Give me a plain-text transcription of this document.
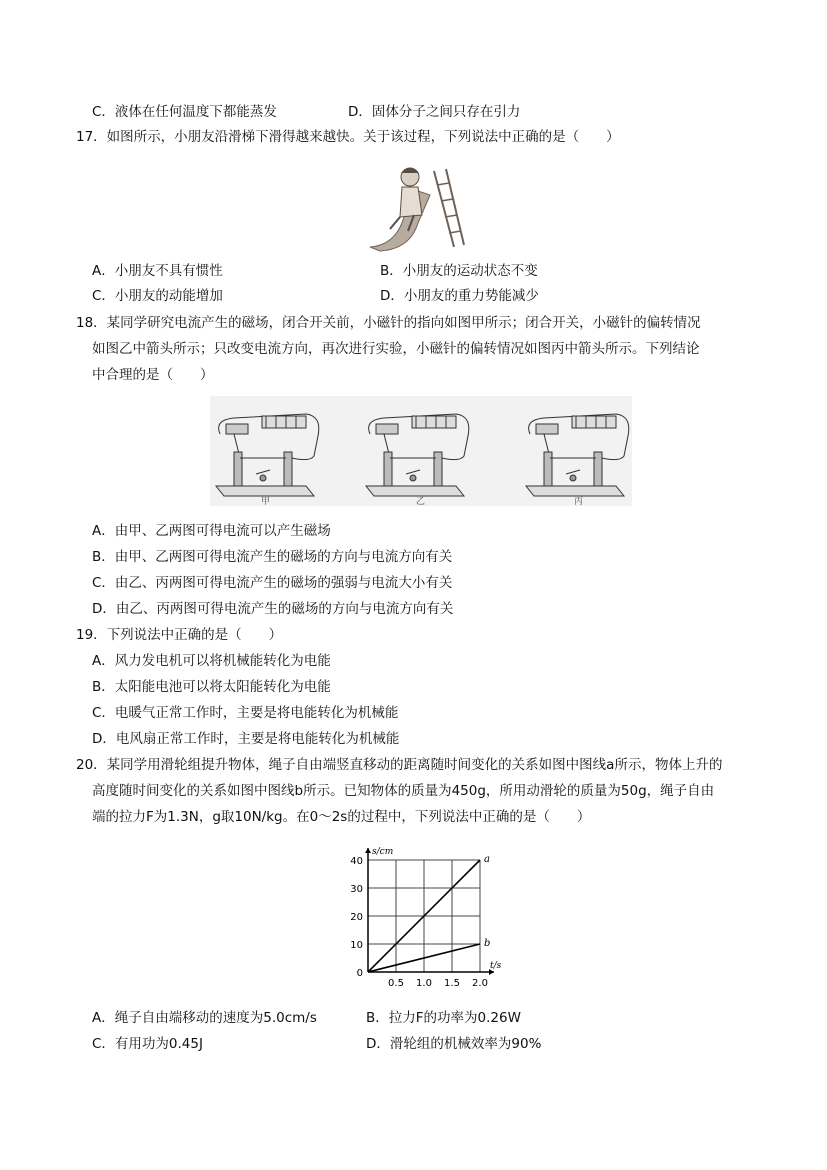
C．液体在任何温度下都能蒸发	D．固体分子之间只存在引力
17．如图所示，小朋友沿滑梯下滑得越来越快。关于该过程，下列说法中正确的是（　　）
A．小朋友不具有惯性	B．小朋友的运动状态不变
C．小朋友的动能增加	D．小朋友的重力势能减少
18．某同学研究电流产生的磁场，闭合开关前，小磁针的指向如图甲所示；闭合开关，小磁针的偏转情况
如图乙中箭头所示；只改变电流方向，再次进行实验，小磁针的偏转情况如图丙中箭头所示。下列结论
中合理的是（　　）
甲	乙	丙
A．由甲、乙两图可得电流可以产生磁场
B．由甲、乙两图可得电流产生的磁场的方向与电流方向有关
C．由乙、丙两图可得电流产生的磁场的强弱与电流大小有关
D．由乙、丙两图可得电流产生的磁场的方向与电流方向有关
19．下列说法中正确的是（　　）
A．风力发电机可以将机械能转化为电能
B．太阳能电池可以将太阳能转化为电能
C．电暖气正常工作时，主要是将电能转化为机械能
D．电风扇正常工作时，主要是将电能转化为机械能
20．某同学用滑轮组提升物体，绳子自由端竖直移动的距离随时间变化的关系如图中图线a所示，物体上升的
高度随时间变化的关系如图中图线b所示。已知物体的质量为450g，所用动滑轮的质量为50g，绳子自由
端的拉力F为1.3N，g取10N/kg。在0～2s的过程中，下列说法中正确的是（　　）
0.5 1.0 1.5 2.0
0
10
20
30
40
t/s
s/cm
a
b
A．绳子自由端移动的速度为5.0cm/s	B．拉力F的功率为0.26W
C．有用功为0.45J	D．滑轮组的机械效率为90%
